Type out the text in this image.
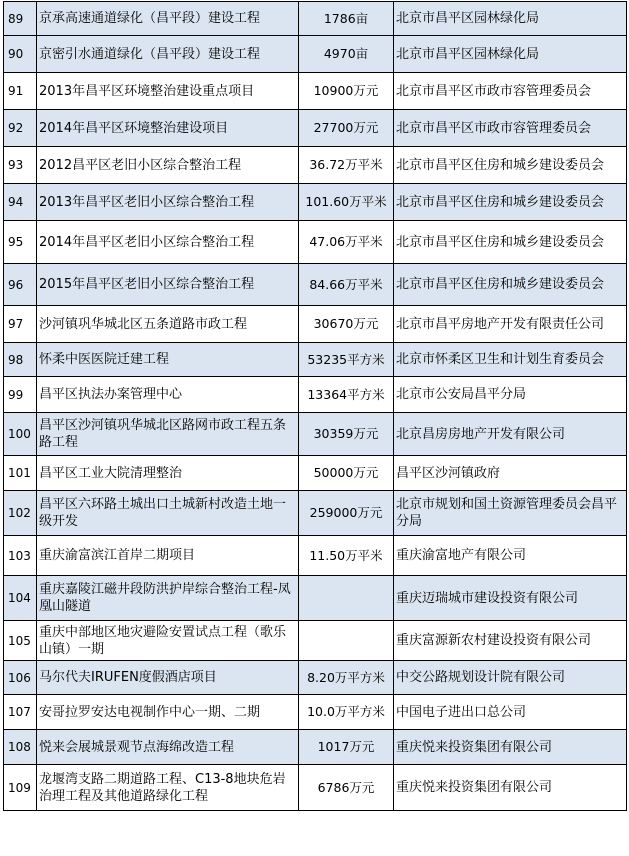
89	京承高速通道绿化（昌平段）建设工程	1786亩	北京市昌平区园林绿化局
90	京密引水通道绿化（昌平段）建设工程	4970亩	北京市昌平区园林绿化局
91	2013年昌平区环境整治建设重点项目	10900万元	北京市昌平区市政市容管理委员会
92	2014年昌平区环境整治建设项目	27700万元	北京市昌平区市政市容管理委员会
93	2012昌平区老旧小区综合整治工程	36.72万平米	北京市昌平区住房和城乡建设委员会
94	2013年昌平区老旧小区综合整治工程	101.60万平米	北京市昌平区住房和城乡建设委员会
95	2014年昌平区老旧小区综合整治工程	47.06万平米	北京市昌平区住房和城乡建设委员会
96	2015年昌平区老旧小区综合整治工程	84.66万平米	北京市昌平区住房和城乡建设委员会
97	沙河镇巩华城北区五条道路市政工程	30670万元	北京市昌平房地产开发有限责任公司
98	怀柔中医医院迁建工程	53235平方米	北京市怀柔区卫生和计划生育委员会
99	昌平区执法办案管理中心	13364平方米	北京市公安局昌平分局
100	昌平区沙河镇巩华城北区路网市政工程五条路工程	30359万元	北京昌房房地产开发有限公司
101	昌平区工业大院清理整治	50000万元	昌平区沙河镇政府
102	昌平区六环路土城出口土城新村改造土地一级开发	259000万元	北京市规划和国土资源管理委员会昌平分局
103	重庆渝富滨江首岸二期项目	11.50万平米	重庆渝富地产有限公司
104	重庆嘉陵江磁井段防洪护岸综合整治工程-凤凰山隧道		重庆迈瑞城市建设投资有限公司
105	重庆中部地区地灾避险安置试点工程（歌乐山镇）一期		重庆富源新农村建设投资有限公司
106	马尔代夫IRUFEN度假酒店项目	8.20万平方米	中交公路规划设计院有限公司
107	安哥拉罗安达电视制作中心一期、二期	10.0万平方米	中国电子进出口总公司
108	悦来会展城景观节点海绵改造工程	1017万元	重庆悦来投资集团有限公司
109	龙堰湾支路二期道路工程、C13-8地块危岩治理工程及其他道路绿化工程	6786万元	重庆悦来投资集团有限公司
